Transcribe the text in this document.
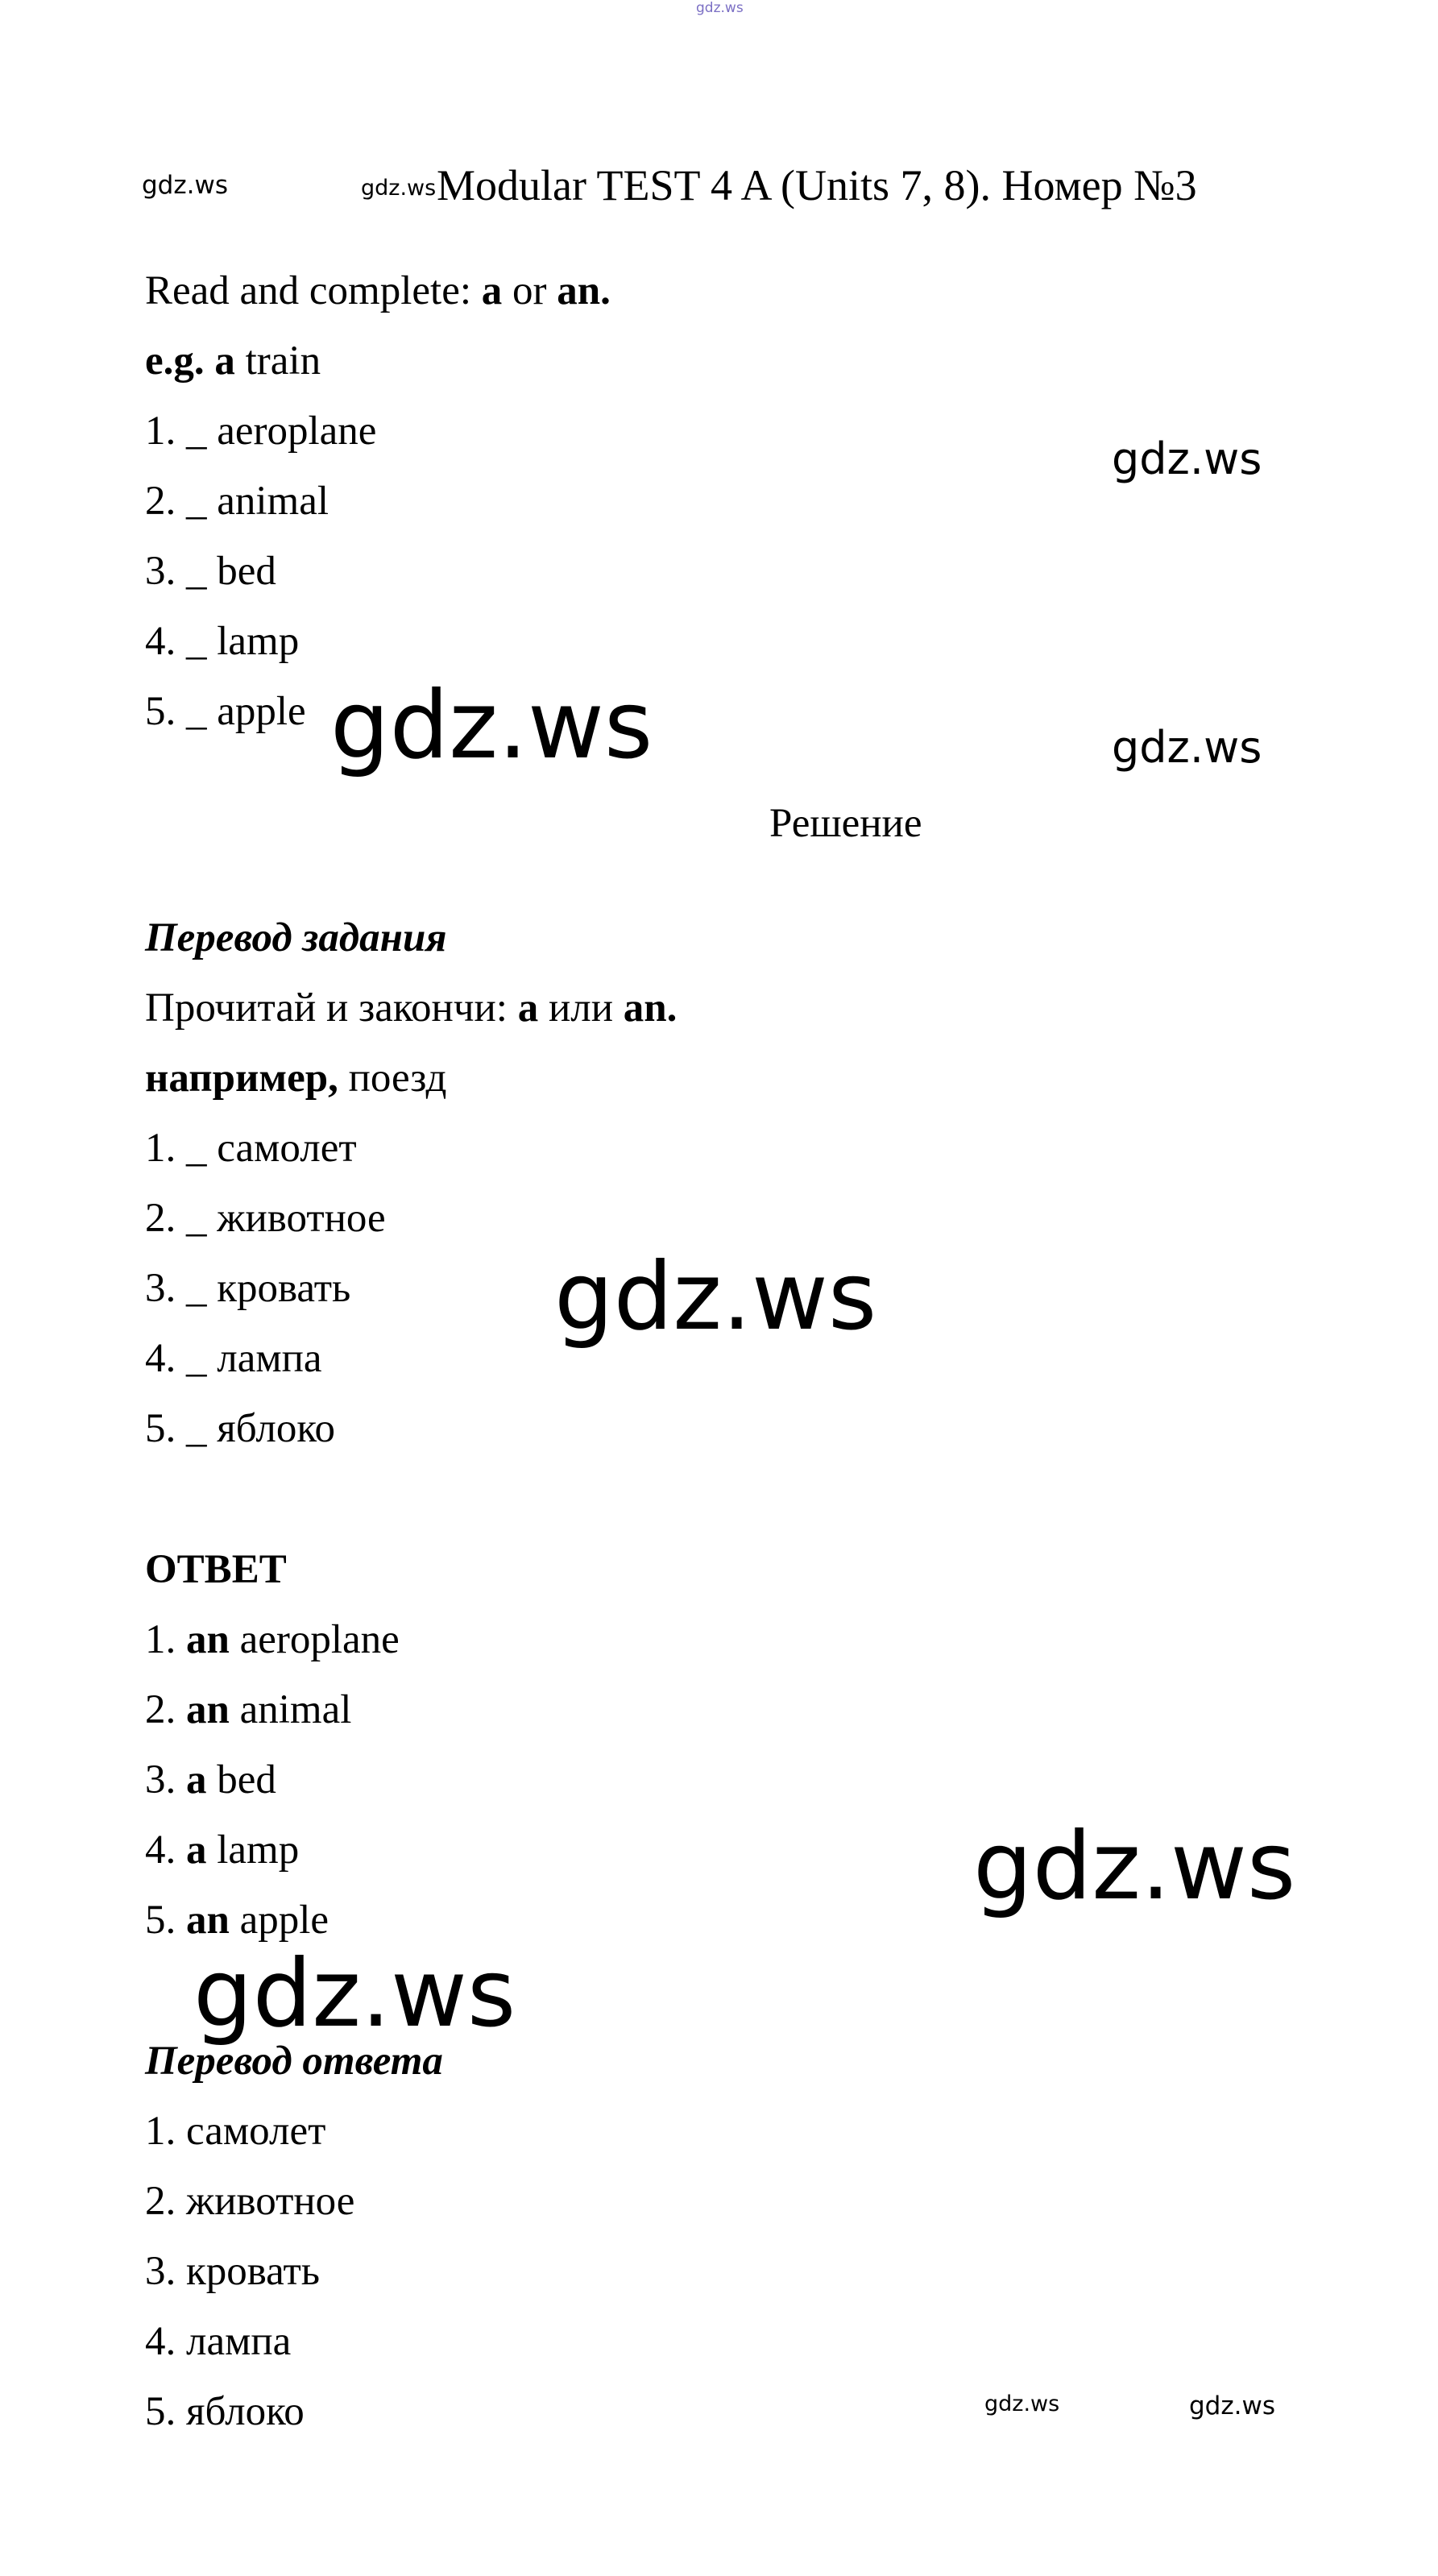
gdz.ws
gdz.ws	gdz.ws
gdz.ws
gdz.ws	gdz.ws
gdz.ws
gdz.ws
gdz.ws
gdz.ws	gdz.ws
Modular TEST 4 A (Units 7, 8). Номер №3
Read and complete: a or an.
e.g. a train
1. _ aeroplane
2. _ animal
3. _ bed
4. _ lamp
5. _ apple
Решение
Перевод задания
Прочитай и закончи: a или an.
например, поезд
1. _ самолет
2. _ животное
3. _ кровать
4. _ лампа
5. _ яблоко
ОТВЕТ
1. an aeroplane
2. an animal
3. a bed
4. a lamp
5. an apple
Перевод ответа
1. самолет
2. животное
3. кровать
4. лампа
5. яблоко
